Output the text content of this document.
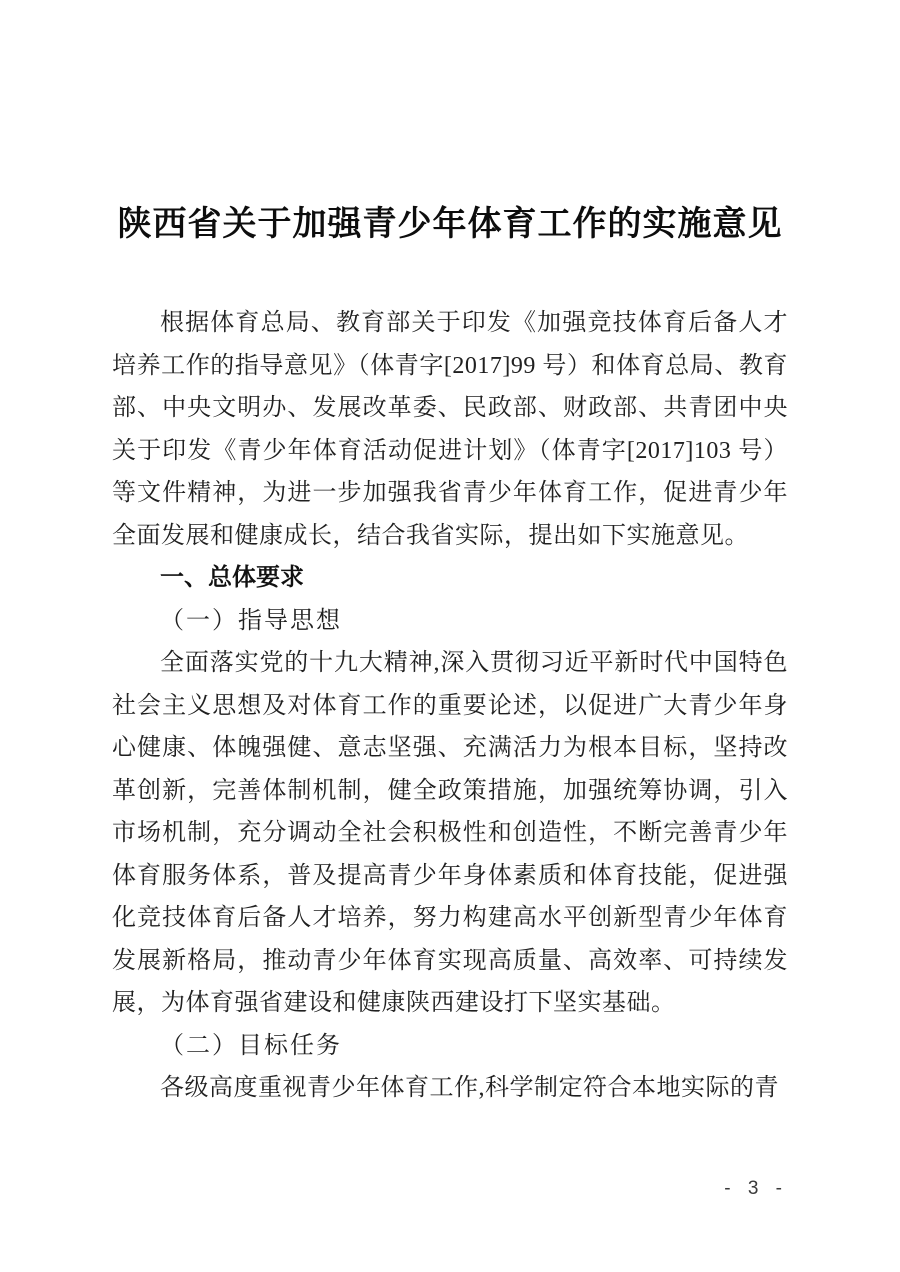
陕西省关于加强青少年体育工作的实施意见

根据体育总局、教育部关于印发《加强竞技体育后备人才培养工作的指导意见》（体青字[2017]99 号）和体育总局、教育部、中央文明办、发展改革委、民政部、财政部、共青团中央关于印发《青少年体育活动促进计划》（体青字[2017]103 号）等文件精神，为进一步加强我省青少年体育工作，促进青少年全面发展和健康成长，结合我省实际，提出如下实施意见。

一、总体要求
（一）指导思想

全面落实党的十九大精神,深入贯彻习近平新时代中国特色社会主义思想及对体育工作的重要论述，以促进广大青少年身心健康、体魄强健、意志坚强、充满活力为根本目标，坚持改革创新，完善体制机制，健全政策措施，加强统筹协调，引入市场机制，充分调动全社会积极性和创造性，不断完善青少年体育服务体系，普及提高青少年身体素质和体育技能，促进强化竞技体育后备人才培养，努力构建高水平创新型青少年体育发展新格局，推动青少年体育实现高质量、高效率、可持续发展，为体育强省建设和健康陕西建设打下坚实基础。

（二）目标任务

各级高度重视青少年体育工作,科学制定符合本地实际的青

- 3 -
